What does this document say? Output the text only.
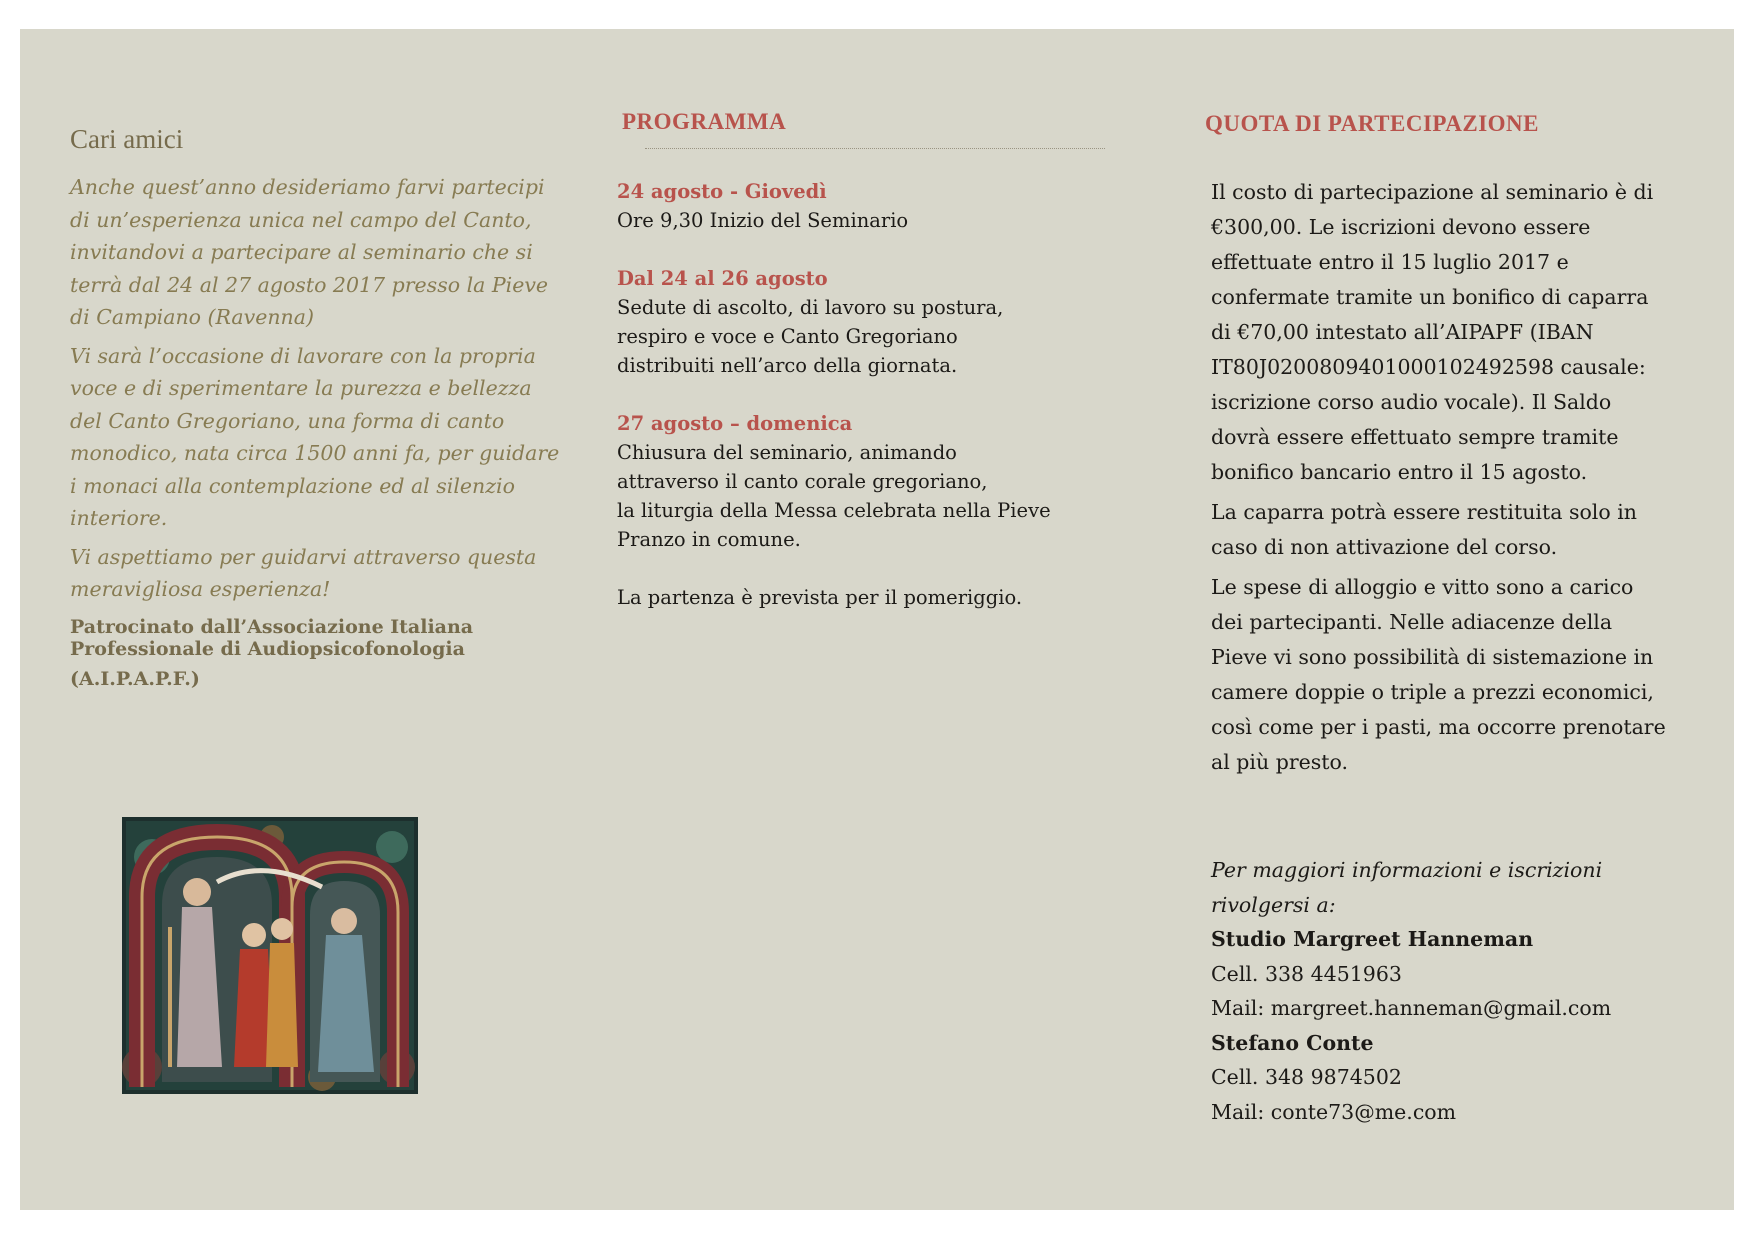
Cari amici

Anche quest’anno desideriamo farvi partecipi di un’esperienza unica nel campo del Canto, invitandovi a partecipare al seminario che si terrà dal 24 al 27 agosto 2017 presso la Pieve di Campiano (Ravenna)

Vi sarà l’occasione di lavorare con la propria voce e di sperimentare la purezza e bellezza del Canto Gregoriano, una forma di canto monodico, nata circa 1500 anni fa, per guidare i monaci alla contemplazione ed al silenzio interiore.

Vi aspettiamo per guidarvi attraverso questa meravigliosa esperienza!

Patrocinato dall’Associazione Italiana
Professionale di Audiopsicofonologia
(A.I.P.A.P.F.)
PROGRAMMA
24 agosto - Giovedì
Ore 9,30 Inizio del Seminario
Dal 24 al 26 agosto
Sedute di ascolto, di lavoro su postura,
respiro e voce e Canto Gregoriano
distribuiti nell’arco della giornata.
27 agosto – domenica
Chiusura del seminario, animando
attraverso il canto corale gregoriano,
la liturgia della Messa celebrata nella Pieve
Pranzo in comune.
La partenza è prevista per il pomeriggio.
QUOTA DI PARTECIPAZIONE

Il costo di partecipazione al seminario è di €300,00. Le iscrizioni devono essere effettuate entro il 15 luglio 2017 e confermate tramite un bonifico di caparra di €70,00 intestato all’AIPAPF (IBAN IT80J0200809401000102492598 causale: iscrizione corso audio vocale). Il Saldo dovrà essere effettuato sempre tramite bonifico bancario entro il 15 agosto.

La caparra potrà essere restituita solo in caso di non attivazione del corso.

Le spese di alloggio e vitto sono a carico dei partecipanti. Nelle adiacenze della Pieve vi sono possibilità di sistemazione in camere doppie o triple a prezzi economici, così come per i pasti, ma occorre prenotare al più presto.

Per maggiori informazioni e iscrizioni rivolgersi a:
Studio Margreet Hanneman
Cell. 338 4451963
Mail: margreet.hanneman@gmail.com
Stefano Conte
Cell. 348 9874502
Mail: conte73@me.com
